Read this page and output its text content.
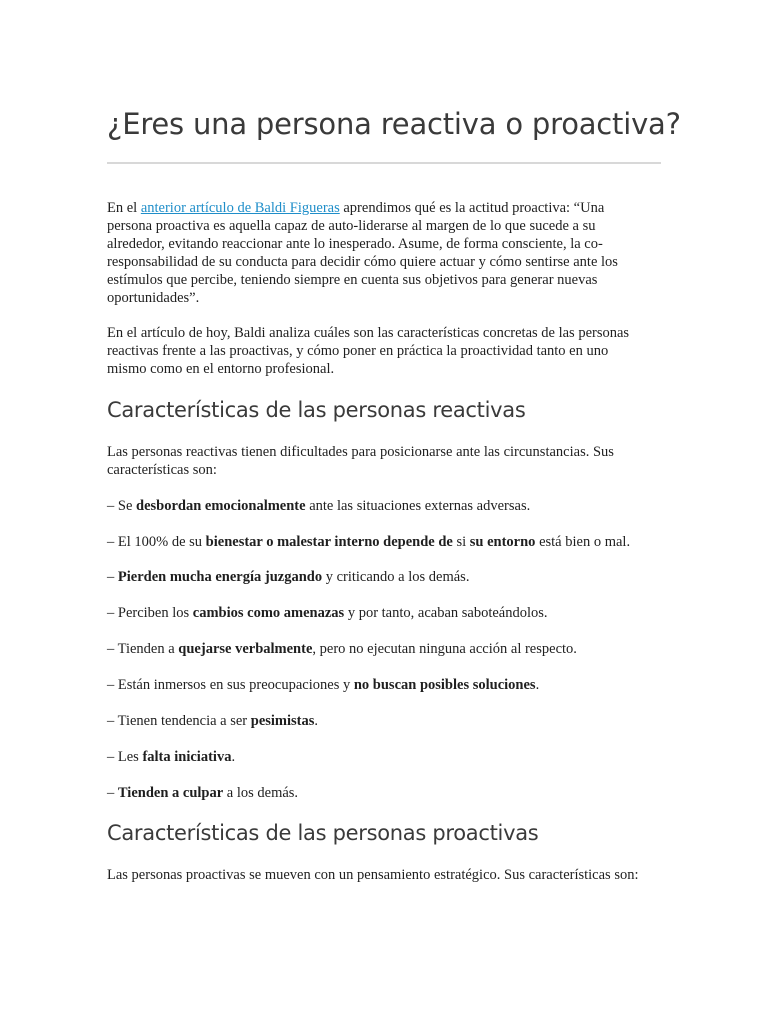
¿Eres una persona reactiva o proactiva?
En el anterior artículo de Baldi Figueras aprendimos qué es la actitud proactiva: “Una
persona proactiva es aquella capaz de auto-liderarse al margen de lo que sucede a su
alrededor, evitando reaccionar ante lo inesperado. Asume, de forma consciente, la co-
responsabilidad de su conducta para decidir cómo quiere actuar y cómo sentirse ante los
estímulos que percibe, teniendo siempre en cuenta sus objetivos para generar nuevas
oportunidades”.
En el artículo de hoy, Baldi analiza cuáles son las características concretas de las personas
reactivas frente a las proactivas, y cómo poner en práctica la proactividad tanto en uno
mismo como en el entorno profesional.
Características de las personas reactivas
Las personas reactivas tienen dificultades para posicionarse ante las circunstancias. Sus
características son:

– Se desbordan emocionalmente ante las situaciones externas adversas.

– El 100% de su bienestar o malestar interno depende de si su entorno está bien o mal.

– Pierden mucha energía juzgando y criticando a los demás.

– Perciben los cambios como amenazas y por tanto, acaban saboteándolos.

– Tienden a quejarse verbalmente, pero no ejecutan ninguna acción al respecto.

– Están inmersos en sus preocupaciones y no buscan posibles soluciones.

– Tienen tendencia a ser pesimistas.

– Les falta iniciativa.

– Tienden a culpar a los demás.

Características de las personas proactivas
Las personas proactivas se mueven con un pensamiento estratégico. Sus características son:
